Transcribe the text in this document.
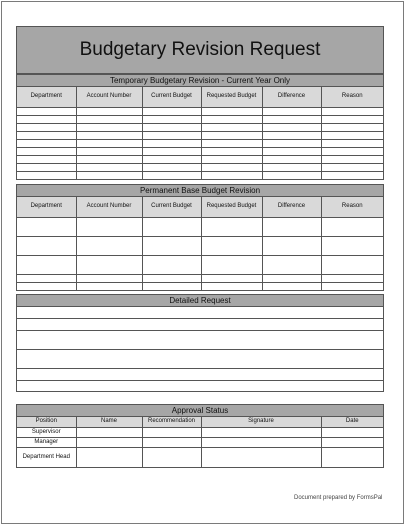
Budgetary Revision Request
Temporary Budgetary Revision - Current Year Only
Department	Account Number	Current Budget	Requested Budget	Difference	Reason

Permanent Base Budget Revision
Department	Account Number	Current Budget	Requested Budget	Difference	Reason

Detailed Request
Approval Status
Position	Name	Recommendation	Signature	Date
Supervisor				
Manager				
Department Head				
Document prepared by FormsPal
